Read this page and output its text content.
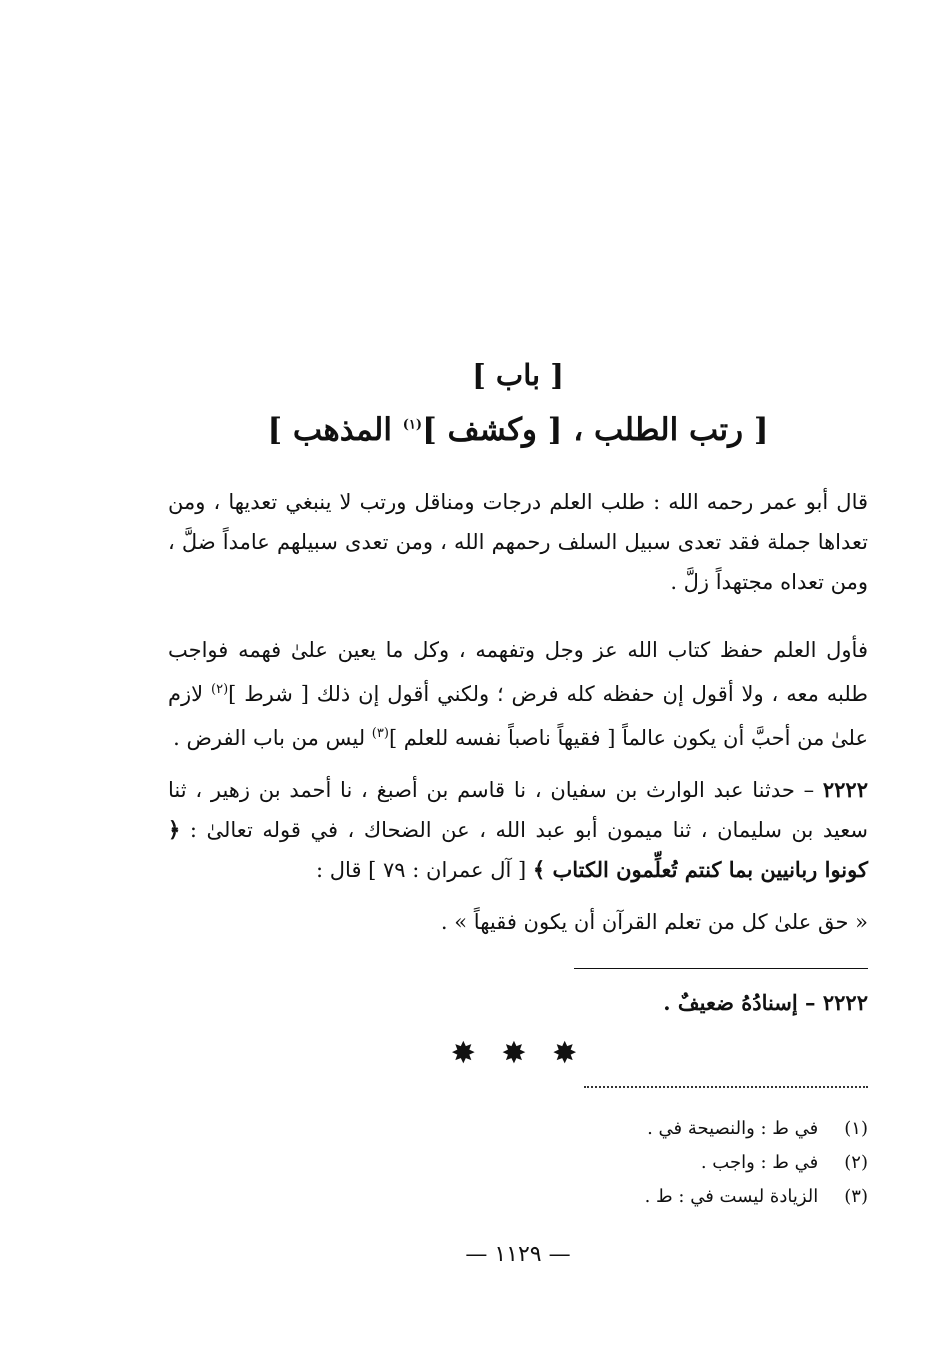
[ باب ]
[ رتب الطلب ، [ وكشف ]$^{(١)}$ المذهب ]
قال أبو عمر رحمه الله : طلب العلم درجات ومناقل ورتب لا ينبغي تعديها ، ومن تعداها جملة فقد تعدى سبيل السلف رحمهم الله ، ومن تعدى سبيلهم عامداً ضلَّ ، ومن تعداه مجتهداً زلَّ .
فأول العلم حفظ كتاب الله عز وجل وتفهمه ، وكل ما يعين علىٰ فهمه فواجب طلبه معه ، ولا أقول إن حفظه كله فرض ؛ ولكني أقول إن ذلك [ شرط ]$^{(٢)}$ لازم علىٰ من أحبَّ أن يكون عالماً [ فقيهاً ناصباً نفسه للعلم ]$^{(٣)}$ ليس من باب الفرض .
٢٢٢٢ – حدثنا عبد الوارث بن سفيان ، نا قاسم بن أصبغ ، نا أحمد بن زهير ، ثنا سعيد بن سليمان ، ثنا ميمون أبو عبد الله ، عن الضحاك ، في قوله تعالىٰ : ﴿ كونوا ربانيين بما كنتم تُعلِّمون الكتاب ﴾ [ آل عمران : ٧٩ ] قال :
« حق علىٰ كل من تعلم القرآن أن يكون فقيهاً » .
٢٢٢٢ – إسنادُهُ ضعيفٌ .
✸ ✸ ✸
(١) في ط : والنصيحة في .
(٢) في ط : واجب .
(٣) الزيادة ليست في : ط .
— ١١٢٩ —
